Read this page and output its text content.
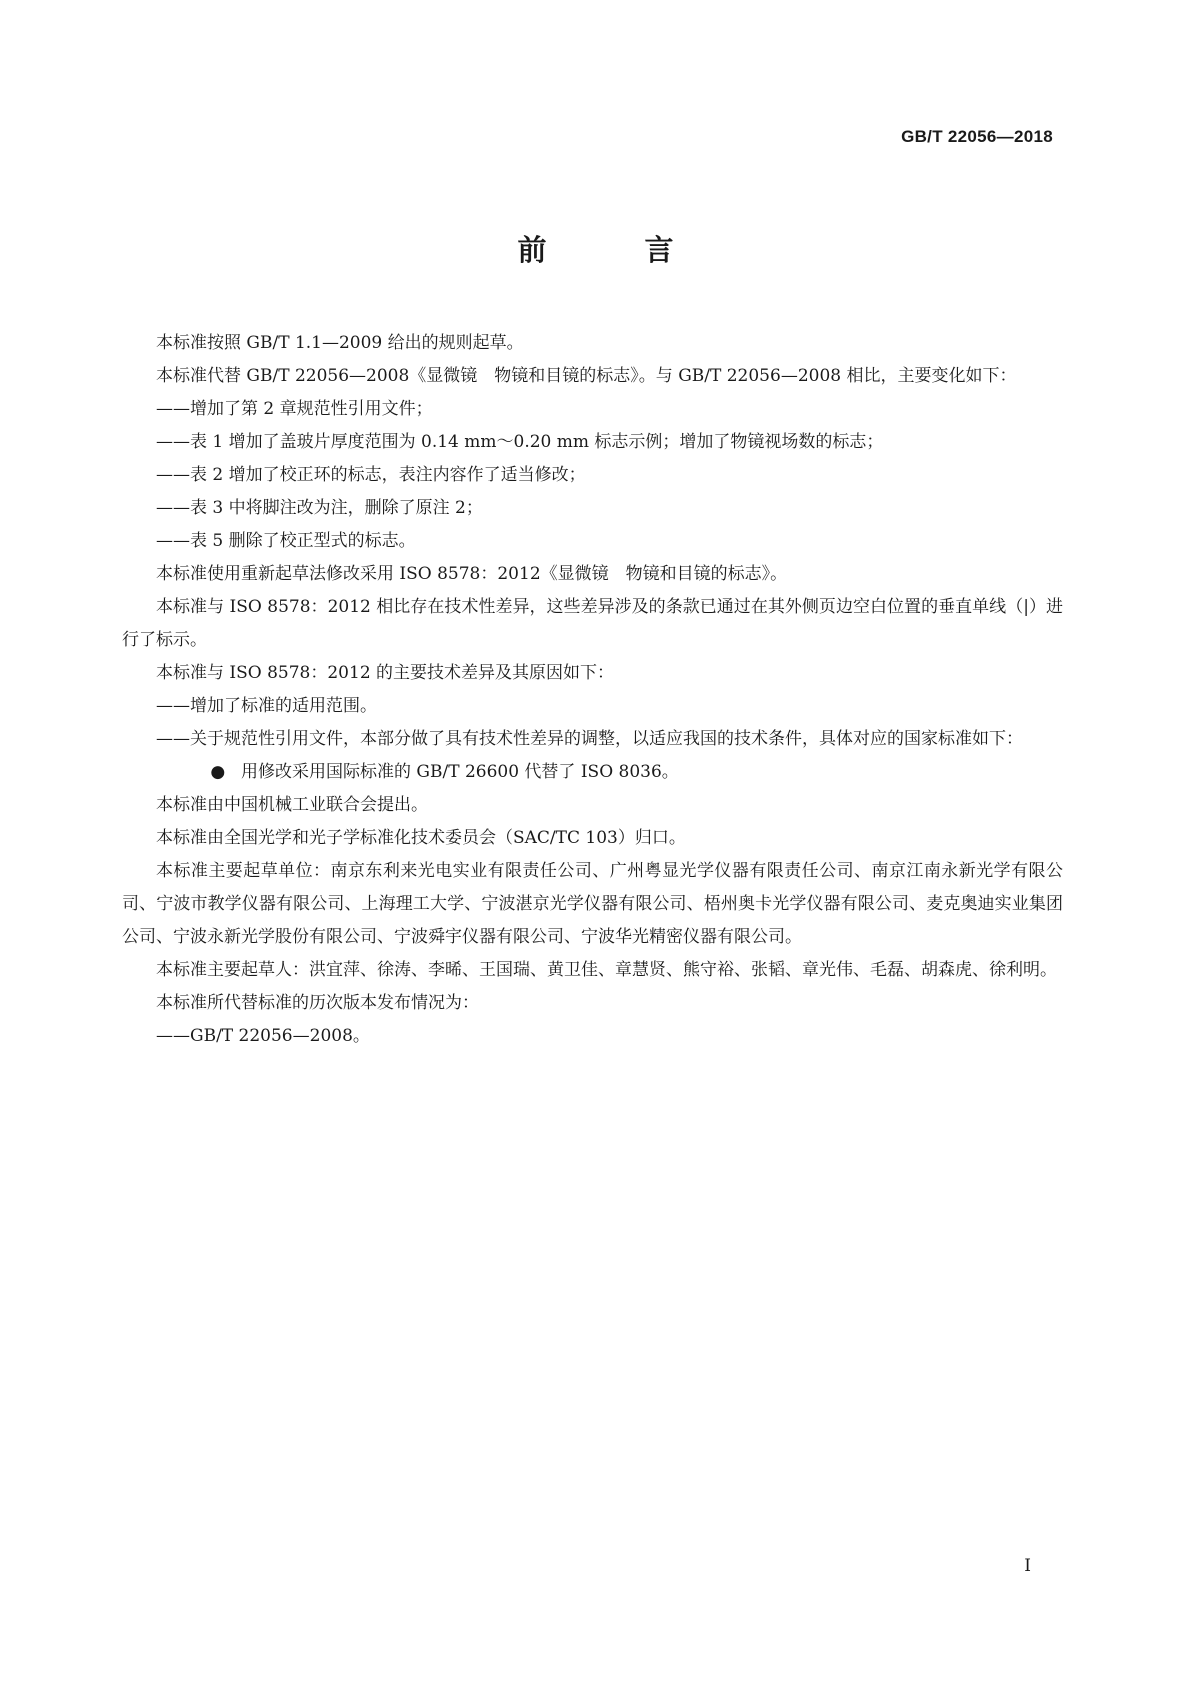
GB/T 22056—2018
前 言

本标准按照 GB/T 1.1—2009 给出的规则起草。

本标准代替 GB/T 22056—2008《显微镜　物镜和目镜的标志》。与 GB/T 22056—2008 相比，主要变化如下：

——增加了第 2 章规范性引用文件；

——表 1 增加了盖玻片厚度范围为 0.14 mm～0.20 mm 标志示例；增加了物镜视场数的标志；

——表 2 增加了校正环的标志，表注内容作了适当修改；

——表 3 中将脚注改为注，删除了原注 2；

——表 5 删除了校正型式的标志。

本标准使用重新起草法修改采用 ISO 8578：2012《显微镜　物镜和目镜的标志》。

本标准与 ISO 8578：2012 相比存在技术性差异，这些差异涉及的条款已通过在其外侧页边空白位置的垂直单线（|）进行了标示。

本标准与 ISO 8578：2012 的主要技术差异及其原因如下：

——增加了标准的适用范围。

——关于规范性引用文件，本部分做了具有技术性差异的调整，以适应我国的技术条件，具体对应的国家标准如下：

● 用修改采用国际标准的 GB/T 26600 代替了 ISO 8036。

本标准由中国机械工业联合会提出。

本标准由全国光学和光子学标准化技术委员会（SAC/TC 103）归口。

本标准主要起草单位：南京东利来光电实业有限责任公司、广州粤显光学仪器有限责任公司、南京江南永新光学有限公司、宁波市教学仪器有限公司、上海理工大学、宁波湛京光学仪器有限公司、梧州奥卡光学仪器有限公司、麦克奥迪实业集团公司、宁波永新光学股份有限公司、宁波舜宇仪器有限公司、宁波华光精密仪器有限公司。

本标准主要起草人：洪宜萍、徐涛、李晞、王国瑞、黄卫佳、章慧贤、熊守裕、张韬、章光伟、毛磊、胡森虎、徐利明。

本标准所代替标准的历次版本发布情况为：

——GB/T 22056—2008。

I
